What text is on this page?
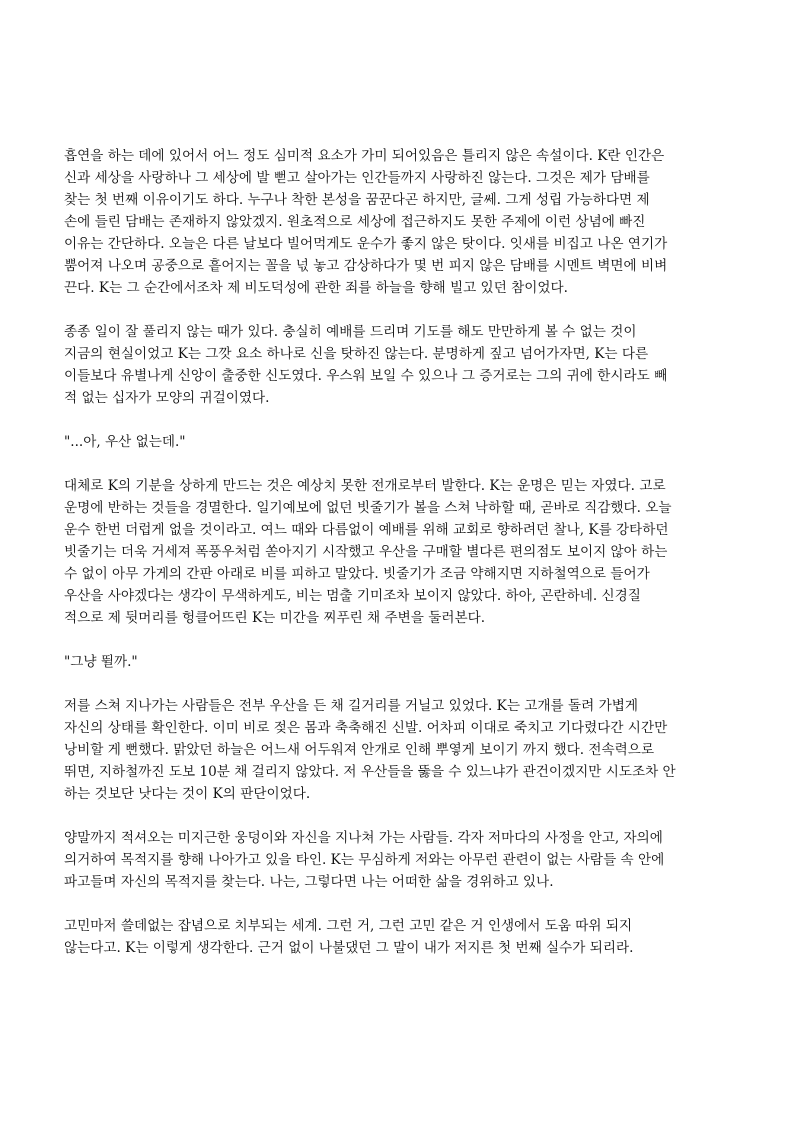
흡연을 하는 데에 있어서 어느 정도 심미적 요소가 가미 되어있음은 틀리지 않은 속설이다. K란 인간은
신과 세상을 사랑하나 그 세상에 발 뻗고 살아가는 인간들까지 사랑하진 않는다. 그것은 제가 담배를
찾는 첫 번째 이유이기도 하다. 누구나 착한 본성을 꿈꾼다곤 하지만, 글쎄. 그게 성립 가능하다면 제
손에 들린 담배는 존재하지 않았겠지. 원초적으로 세상에 접근하지도 못한 주제에 이런 상념에 빠진
이유는 간단하다. 오늘은 다른 날보다 빌어먹게도 운수가 좋지 않은 탓이다. 잇새를 비집고 나온 연기가
뿜어져 나오며 공중으로 흩어지는 꼴을 넋 놓고 감상하다가 몇 번 피지 않은 담배를 시멘트 벽면에 비벼
끈다. K는 그 순간에서조차 제 비도덕성에 관한 죄를 하늘을 향해 빌고 있던 참이었다.
종종 일이 잘 풀리지 않는 때가 있다. 충실히 예배를 드리며 기도를 해도 만만하게 볼 수 없는 것이
지금의 현실이었고 K는 그깟 요소 하나로 신을 탓하진 않는다. 분명하게 짚고 넘어가자면, K는 다른
이들보다 유별나게 신앙이 출중한 신도였다. 우스워 보일 수 있으나 그 증거로는 그의 귀에 한시라도 빼
적 없는 십자가 모양의 귀걸이였다.
"...아, 우산 없는데."
대체로 K의 기분을 상하게 만드는 것은 예상치 못한 전개로부터 발한다. K는 운명은 믿는 자였다. 고로
운명에 반하는 것들을 경멸한다. 일기예보에 없던 빗줄기가 볼을 스쳐 낙하할 때, 곧바로 직감했다. 오늘
운수 한번 더럽게 없을 것이라고. 여느 때와 다름없이 예배를 위해 교회로 향하려던 찰나, K를 강타하던
빗줄기는 더욱 거세져 폭풍우처럼 쏟아지기 시작했고 우산을 구매할 별다른 편의점도 보이지 않아 하는
수 없이 아무 가게의 간판 아래로 비를 피하고 말았다. 빗줄기가 조금 약해지면 지하철역으로 들어가
우산을 사야겠다는 생각이 무색하게도, 비는 멈출 기미조차 보이지 않았다. 하아, 곤란하네. 신경질
적으로 제 뒷머리를 헝클어뜨린 K는 미간을 찌푸린 채 주변을 둘러본다.
"그냥 뛸까."
저를 스쳐 지나가는 사람들은 전부 우산을 든 채 길거리를 거닐고 있었다. K는 고개를 돌려 가볍게
자신의 상태를 확인한다. 이미 비로 젖은 몸과 축축해진 신발. 어차피 이대로 죽치고 기다렸다간 시간만
낭비할 게 뻔했다. 맑았던 하늘은 어느새 어두워져 안개로 인해 뿌옇게 보이기 까지 했다. 전속력으로
뛰면, 지하철까진 도보 10분 채 걸리지 않았다. 저 우산들을 뚫을 수 있느냐가 관건이겠지만 시도조차 안
하는 것보단 낫다는 것이 K의 판단이었다.
양말까지 적셔오는 미지근한 웅덩이와 자신을 지나쳐 가는 사람들. 각자 저마다의 사정을 안고, 자의에
의거하여 목적지를 향해 나아가고 있을 타인. K는 무심하게 저와는 아무런 관련이 없는 사람들 속 안에
파고들며 자신의 목적지를 찾는다. 나는, 그렇다면 나는 어떠한 삶을 경위하고 있나.
고민마저 쓸데없는 잡념으로 치부되는 세계. 그런 거, 그런 고민 같은 거 인생에서 도움 따위 되지
않는다고. K는 이렇게 생각한다. 근거 없이 나불댔던 그 말이 내가 저지른 첫 번째 실수가 되리라.
